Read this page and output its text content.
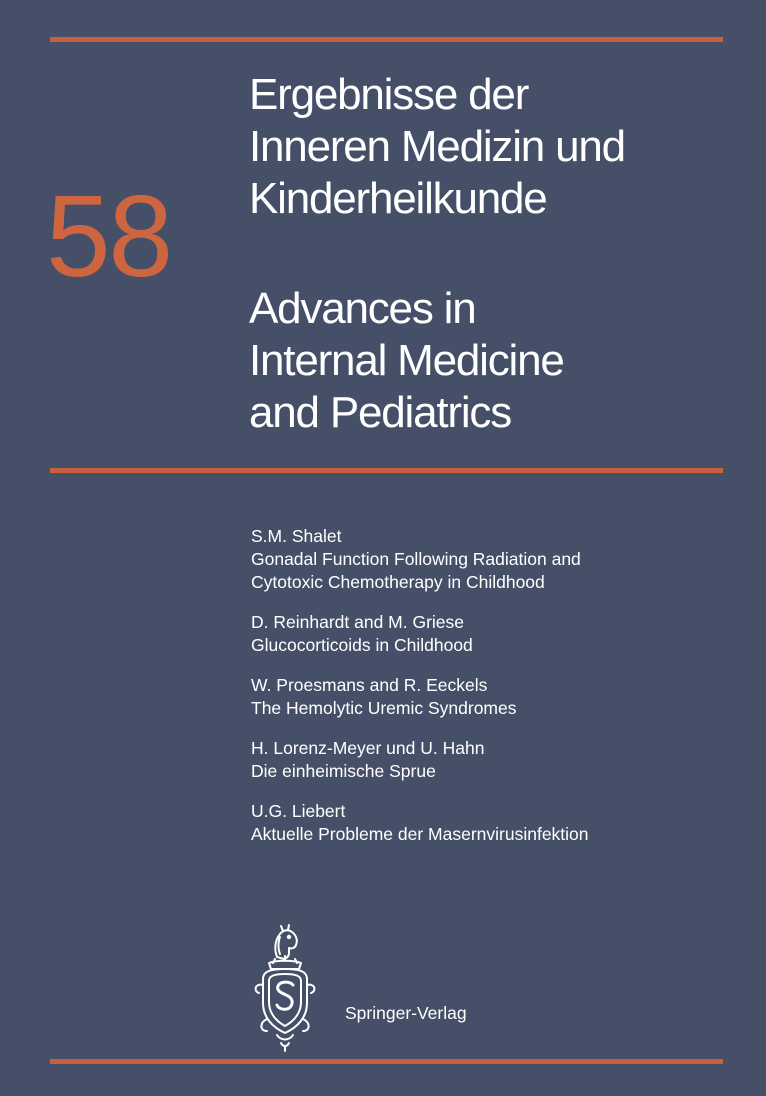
58
Ergebnisse der
Inneren Medizin und
Kinderheilkunde
Advances in
Internal Medicine
and Pediatrics
S.M. Shalet
Gonadal Function Following Radiation and
Cytotoxic Chemotherapy in Childhood
D. Reinhardt and M. Griese
Glucocorticoids in Childhood
W. Proesmans and R. Eeckels
The Hemolytic Uremic Syndromes
H. Lorenz-Meyer und U. Hahn
Die einheimische Sprue
U.G. Liebert
Aktuelle Probleme der Masernvirusinfektion
Springer-Verlag
